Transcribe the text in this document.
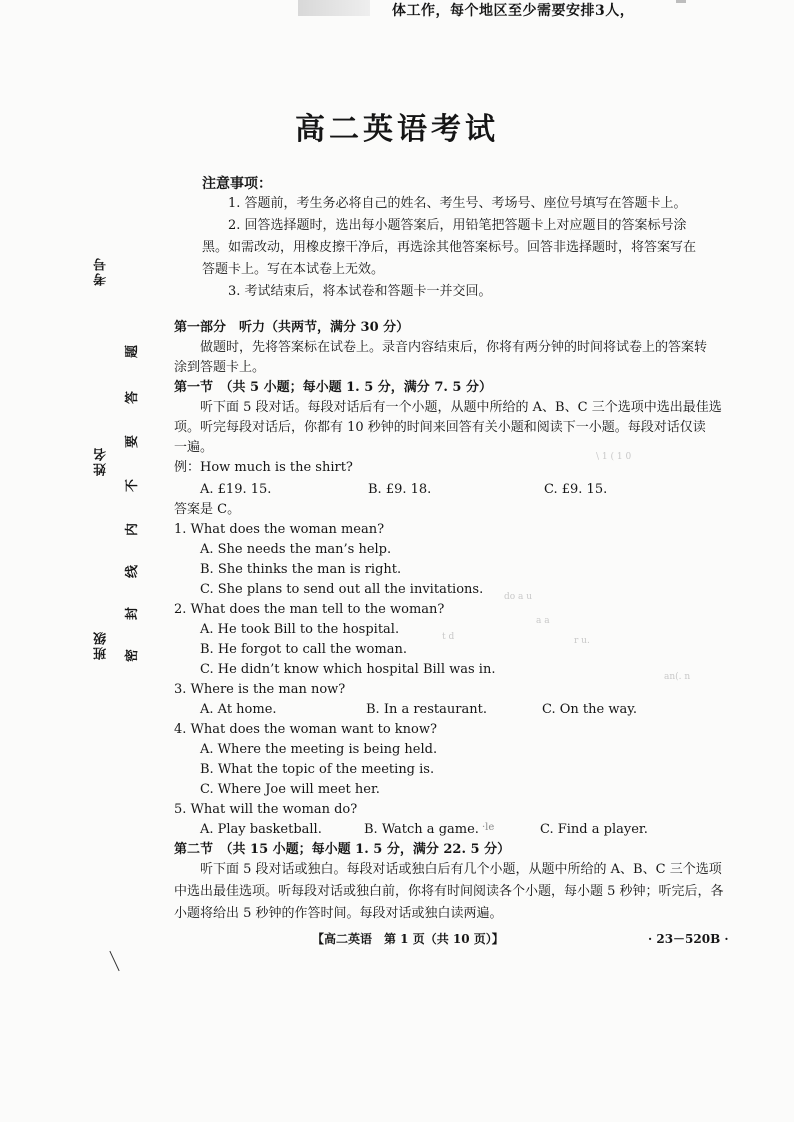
体工作，每个地区至少需要安排3人，
高二英语考试
考号
姓名
班级
题
答
要
不
内
线
封
密
注意事项：
1. 答题前，考生务必将自己的姓名、考生号、考场号、座位号填写在答题卡上。
2. 回答选择题时，选出每小题答案后，用铅笔把答题卡上对应题目的答案标号涂
黑。如需改动，用橡皮擦干净后，再选涂其他答案标号。回答非选择题时，将答案写在
答题卡上。写在本试卷上无效。
3. 考试结束后，将本试卷和答题卡一并交回。
第一部分　听力（共两节，满分 30 分）
做题时，先将答案标在试卷上。录音内容结束后，你将有两分钟的时间将试卷上的答案转
涂到答题卡上。
第一节　（共 5 小题；每小题 1. 5 分，满分 7. 5 分）
听下面 5 段对话。每段对话后有一个小题，从题中所给的 A、B、C 三个选项中选出最佳选
项。听完每段对话后，你都有 10 秒钟的时间来回答有关小题和阅读下一小题。每段对话仅读
一遍。
例：How much is the shirt?
A. £19. 15.	B. £9. 18.	C. £9. 15.
答案是 C。
1. What does the woman mean?
A. She needs the man’s help.
B. She thinks the man is right.
C. She plans to send out all the invitations.
2. What does the man tell to the woman?
A. He took Bill to the hospital.
B. He forgot to call the woman.
C. He didn’t know which hospital Bill was in.
3. Where is the man now?
A. At home.	B. In a restaurant.	C. On the way.
4. What does the woman want to know?
A. Where the meeting is being held.
B. What the topic of the meeting is.
C. Where Joe will meet her.
5. What will the woman do?
A. Play basketball.	B. Watch a game.	C. Find a player.
第二节　（共 15 小题；每小题 1. 5 分，满分 22. 5 分）
听下面 5 段对话或独白。每段对话或独白后有几个小题，从题中所给的 A、B、C 三个选项
中选出最佳选项。听每段对话或独白前，你将有时间阅读各个小题，每小题 5 秒钟；听完后，各
小题将给出 5 秒钟的作答时间。每段对话或独白读两遍。
\ 1 ( 1 0
do a u
a a
r u.
an(. n
t d
·le
【高二英语　第 1 页（共 10 页）】	· 23－520B ·
